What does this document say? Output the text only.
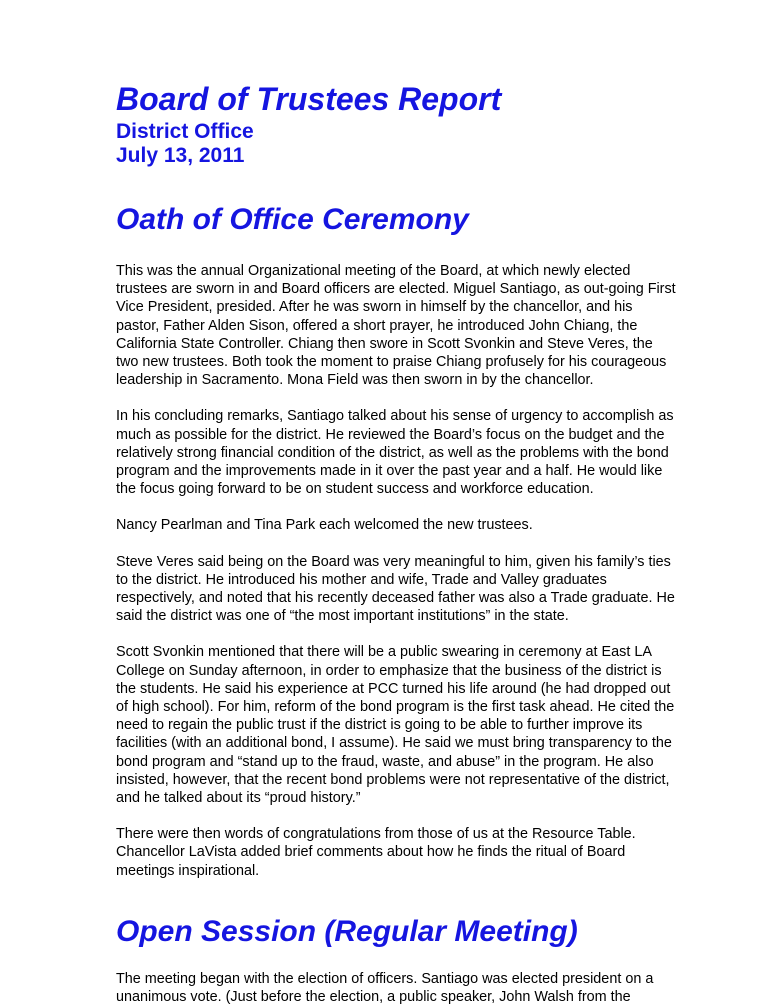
Board of Trustees Report
District Office
July 13, 2011
Oath of Office Ceremony

This was the annual Organizational meeting of the Board, at which newly elected trustees are sworn in and Board officers are elected. Miguel Santiago, as out-going First Vice President, presided. After he was sworn in himself by the chancellor, and his pastor, Father Alden Sison, offered a short prayer, he introduced John Chiang, the California State Controller. Chiang then swore in Scott Svonkin and Steve Veres, the two new trustees. Both took the moment to praise Chiang profusely for his courageous leadership in Sacramento. Mona Field was then sworn in by the chancellor.

In his concluding remarks, Santiago talked about his sense of urgency to accomplish as much as possible for the district. He reviewed the Board’s focus on the budget and the relatively strong financial condition of the district, as well as the problems with the bond program and the improvements made in it over the past year and a half. He would like the focus going forward to be on student success and workforce education.

Nancy Pearlman and Tina Park each welcomed the new trustees.

Steve Veres said being on the Board was very meaningful to him, given his family’s ties to the district. He introduced his mother and wife, Trade and Valley graduates respectively, and noted that his recently deceased father was also a Trade graduate. He said the district was one of “the most important institutions” in the state.

Scott Svonkin mentioned that there will be a public swearing in ceremony at East LA College on Sunday afternoon, in order to emphasize that the business of the district is the students. He said his experience at PCC turned his life around (he had dropped out of high school). For him, reform of the bond program is the first task ahead. He cited the need to regain the public trust if the district is going to be able to further improve its facilities (with an additional bond, I assume). He said we must bring transparency to the bond program and “stand up to the fraud, waste, and abuse” in the program. He also insisted, however, that the recent bond problems were not representative of the district, and he talked about its “proud history.”

There were then words of congratulations from those of us at the Resource Table. Chancellor LaVista added brief comments about how he finds the ritual of Board meetings inspirational.

Open Session (Regular Meeting)

The meeting began with the election of officers. Santiago was elected president on a unanimous vote. (Just before the election, a public speaker, John Walsh from the
